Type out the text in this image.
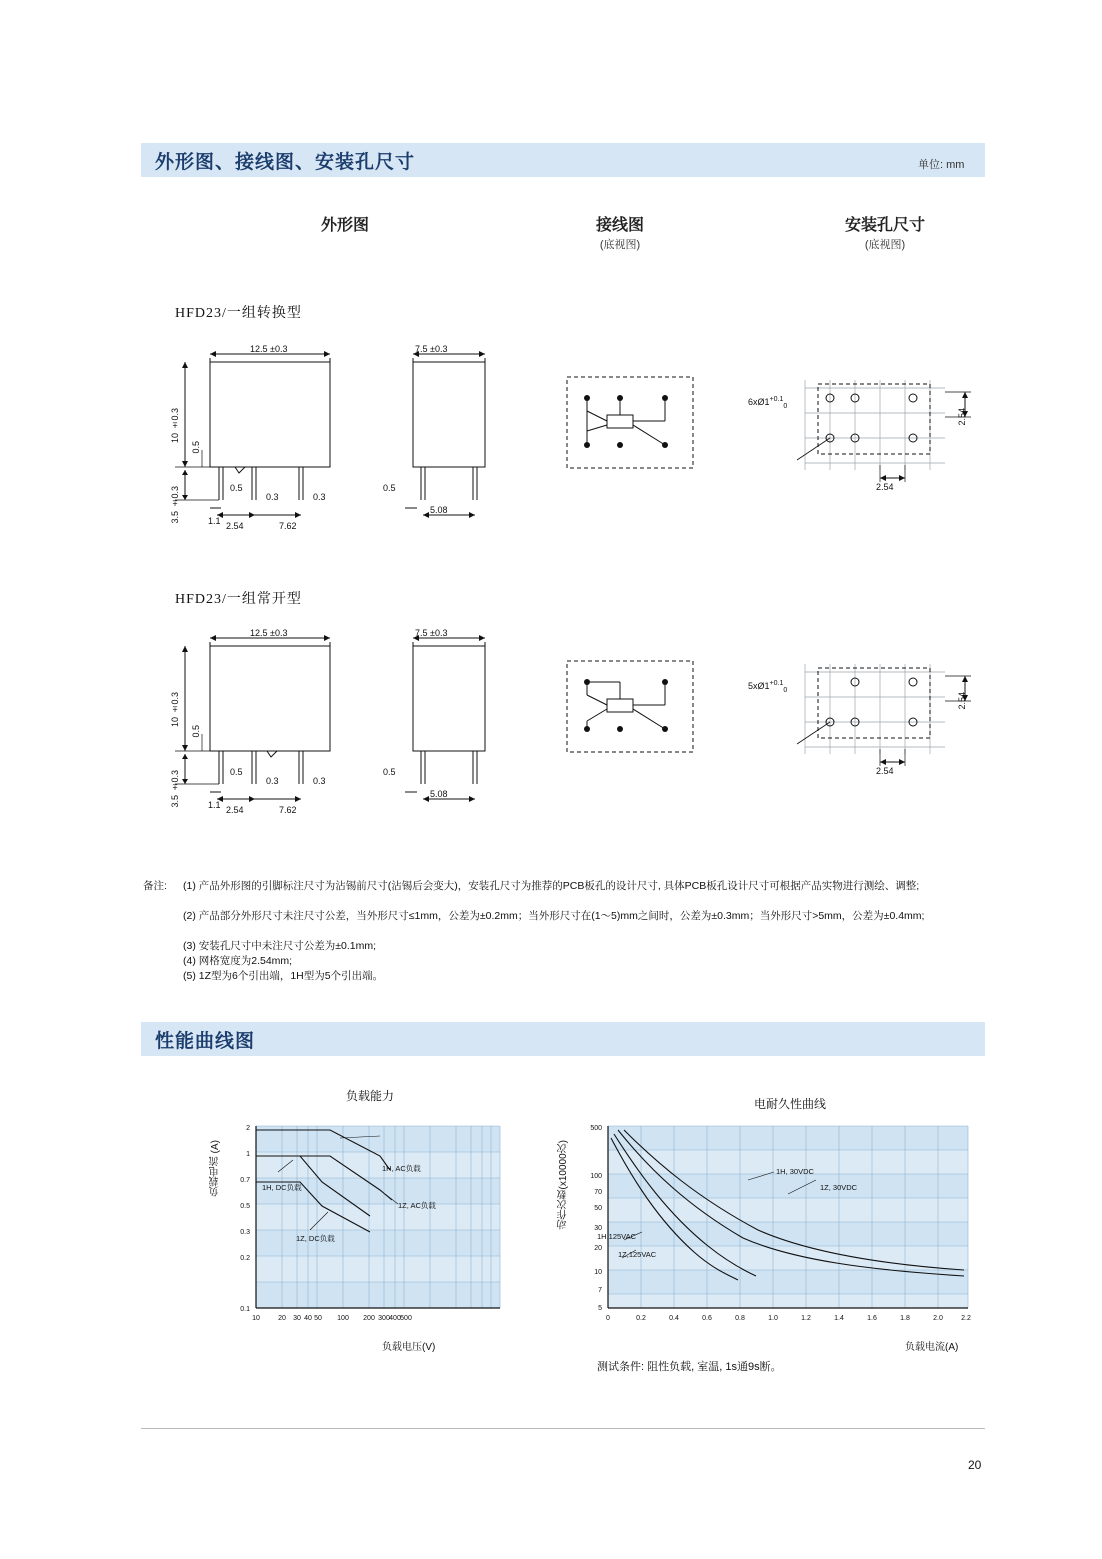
外形图、接线图、安装孔尺寸	单位: mm
外形图	接线图
(底视图)
安装孔尺寸
(底视图)
HFD23/一组转换型
12.5 ±0.3
10 ±0.3
3.5 ±0.3
0.5
0.5
0.3	0.3
1.1 2.54	7.62
7.5 ±0.3
0.5
5.08
$6xØ1^{+0.1}_0$
2.54
2.54
HFD23/一组常开型
12.5 ±0.3
10 ±0.3
3.5 ±0.3
0.5
0.5
0.3	0.3
1.1 2.54	7.62
7.5 ±0.3
0.5
5.08
$5xØ1^{+0.1}_0$
2.54
2.54
备注: (1) 产品外形图的引脚标注尺寸为沾锡前尺寸(沾锡后会变大)，安装孔尺寸为推荐的PCB板孔的设计尺寸, 具体PCB板孔设计尺寸可根据产品实物进行测绘、调整;
(2) 产品部分外形尺寸未注尺寸公差，当外形尺寸≤1mm，公差为±0.2mm；当外形尺寸在(1～5)mm之间时，公差为±0.3mm；当外形尺寸>5mm，公差为±0.4mm;
(3) 安装孔尺寸中未注尺寸公差为±0.1mm;
(4) 网格宽度为2.54mm;
(5) 1Z型为6个引出端，1H型为5个引出端。
性能曲线图
负载能力
负载电流 (A)
负载电压(V)
2
1
0.7
0.5
0.3
0.2
0.1
10	20 30 40 50 100 200 300 400 500
1H, AC负载
1H, DC负载
1Z, AC负载
1Z, DC负载
电耐久性曲线
动作次数(x10000次)
负载电流(A)
500
100
70
50
30
20
10
7
5
0	0.2	0.4	0.6	0.8	1.0	1.2	1.4	1.6	1.8	2.0	2.2
1H, 30VDC
1Z, 30VDC
1H,125VAC
1Z,125VAC
测试条件: 阻性负载, 室温, 1s通9s断。
20
